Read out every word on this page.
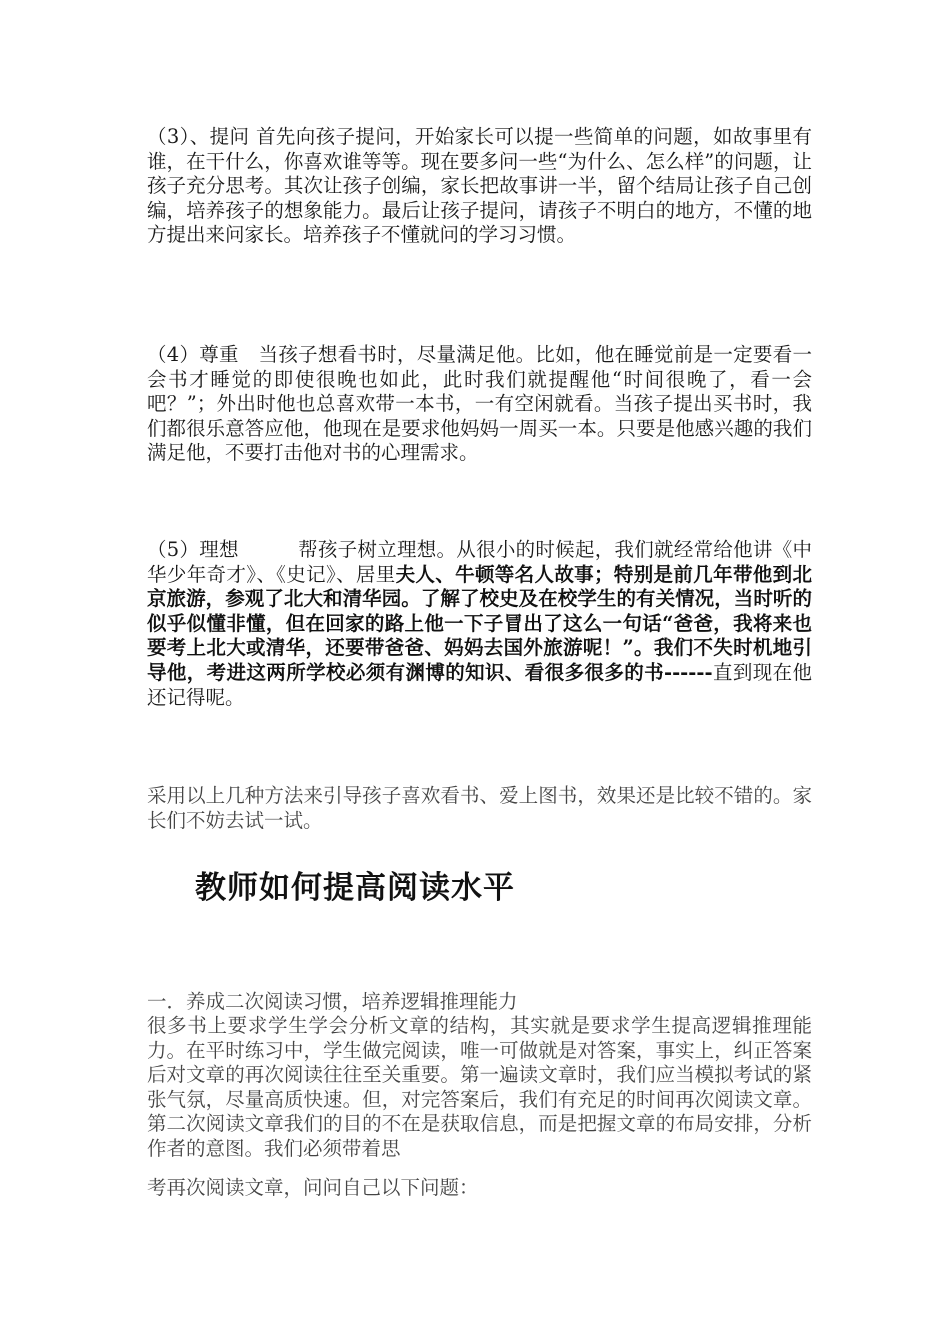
（3）、提问 首先向孩子提问，开始家长可以提一些简单的问题，如故事里有谁，在干什么，你喜欢谁等等。现在要多问一些“为什么、怎么样”的问题，让孩子充分思考。其次让孩子创编，家长把故事讲一半，留个结局让孩子自己创编，培养孩子的想象能力。最后让孩子提问，请孩子不明白的地方，不懂的地方提出来问家长。培养孩子不懂就问的学习习惯。

（4）尊重　当孩子想看书时，尽量满足他。比如，他在睡觉前是一定要看一会书才睡觉的即使很晚也如此，此时我们就提醒他“时间很晚了，看一会吧？”；外出时他也总喜欢带一本书，一有空闲就看。当孩子提出买书时，我们都很乐意答应他，他现在是要求他妈妈一周买一本。只要是他感兴趣的我们满足他，不要打击他对书的心理需求。

（5）理想　　　帮孩子树立理想。从很小的时候起，我们就经常给他讲《中华少年奇才》、《史记》、居里夫人、牛顿等名人故事；特别是前几年带他到北京旅游，参观了北大和清华园。了解了校史及在校学生的有关情况，当时听的似乎似懂非懂，但在回家的路上他一下子冒出了这么一句话“爸爸，我将来也要考上北大或清华，还要带爸爸、妈妈去国外旅游呢！”。我们不失时机地引导他，考进这两所学校必须有渊博的知识、看很多很多的书------直到现在他还记得呢。

采用以上几种方法来引导孩子喜欢看书、爱上图书，效果还是比较不错的。家长们不妨去试一试。

教师如何提高阅读水平

一．养成二次阅读习惯，培养逻辑推理能力

很多书上要求学生学会分析文章的结构，其实就是要求学生提高逻辑推理能力。在平时练习中，学生做完阅读，唯一可做就是对答案，事实上，纠正答案后对文章的再次阅读往往至关重要。第一遍读文章时，我们应当模拟考试的紧张气氛，尽量高质快速。但，对完答案后，我们有充足的时间再次阅读文章。第二次阅读文章我们的目的不在是获取信息，而是把握文章的布局安排，分析作者的意图。我们必须带着思

考再次阅读文章，问问自己以下问题：
